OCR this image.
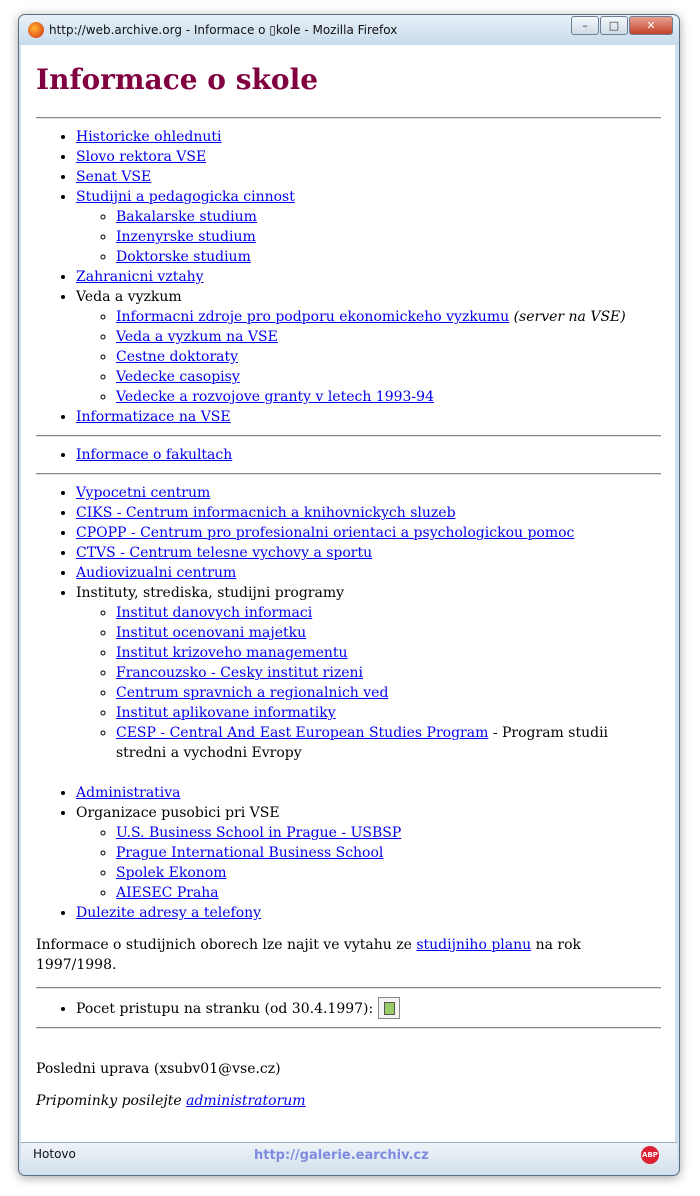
http://web.archive.org - Informace o ▯kole - Mozilla Firefox	–	□	✕
Informace o skole
• Historicke ohlednuti
• Slovo rektora VSE
• Senat VSE
• Studijni a pedagogicka cinnost
◦ Bakalarske studium
◦ Inzenyrske studium
◦ Doktorske studium
• Zahranicni vztahy
• Veda a vyzkum
◦ Informacni zdroje pro podporu ekonomickeho vyzkumu (server na VSE)
◦ Veda a vyzkum na VSE
◦ Cestne doktoraty
◦ Vedecke casopisy
◦ Vedecke a rozvojove granty v letech 1993-94
• Informatizace na VSE
• Informace o fakultach
• Vypocetni centrum
• CIKS - Centrum informacnich a knihovnickych sluzeb
• CPOPP - Centrum pro profesionalni orientaci a psychologickou pomoc
• CTVS - Centrum telesne vychovy a sportu
• Audiovizualni centrum
• Instituty, strediska, studijni programy
◦ Institut danovych informaci
◦ Institut ocenovani majetku
◦ Institut krizoveho managementu
◦ Francouzsko - Cesky institut rizeni
◦ Centrum spravnich a regionalnich ved
◦ Institut aplikovane informatiky
◦ CESP - Central And East European Studies Program - Program studii stredni a vychodni Evropy

• Administrativa
• Organizace pusobici pri VSE
◦ U.S. Business School in Prague - USBSP
◦ Prague International Business School
◦ Spolek Ekonom
◦ AIESEC Praha
• Dulezite adresy a telefony

Informace o studijnich oborech lze najit ve vytahu ze studijniho planu na rok 1997/1998.

• Pocet pristupu na stranku (od 30.4.1997):

Posledni uprava (xsubv01@vse.cz)

Pripominky posilejte administratorum

Hotovo	http://galerie.earchiv.cz	ABP
